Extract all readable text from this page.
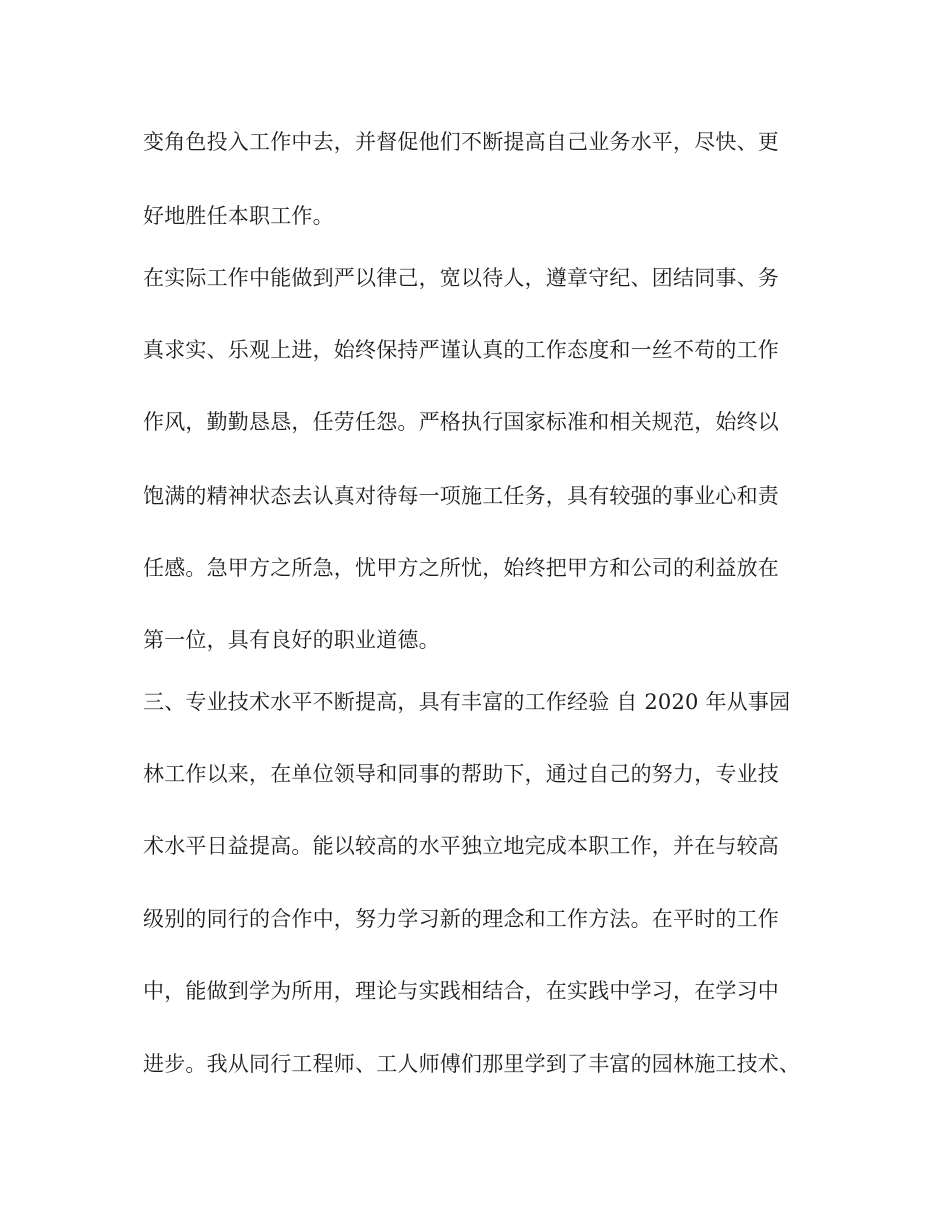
变角色投入工作中去，并督促他们不断提高自己业务水平，尽快、更
好地胜任本职工作。
在实际工作中能做到严以律己，宽以待人，遵章守纪、团结同事、务
真求实、乐观上进，始终保持严谨认真的工作态度和一丝不苟的工作
作风，勤勤恳恳，任劳任怨。严格执行国家标准和相关规范，始终以
饱满的精神状态去认真对待每一项施工任务，具有较强的事业心和责
任感。急甲方之所急，忧甲方之所忧，始终把甲方和公司的利益放在
第一位，具有良好的职业道德。
三、专业技术水平不断提高，具有丰富的工作经验 自 2020 年从事园
林工作以来，在单位领导和同事的帮助下，通过自己的努力，专业技
术水平日益提高。能以较高的水平独立地完成本职工作，并在与较高
级别的同行的合作中，努力学习新的理念和工作方法。在平时的工作
中，能做到学为所用，理论与实践相结合，在实践中学习，在学习中
进步。我从同行工程师、工人师傅们那里学到了丰富的园林施工技术、
